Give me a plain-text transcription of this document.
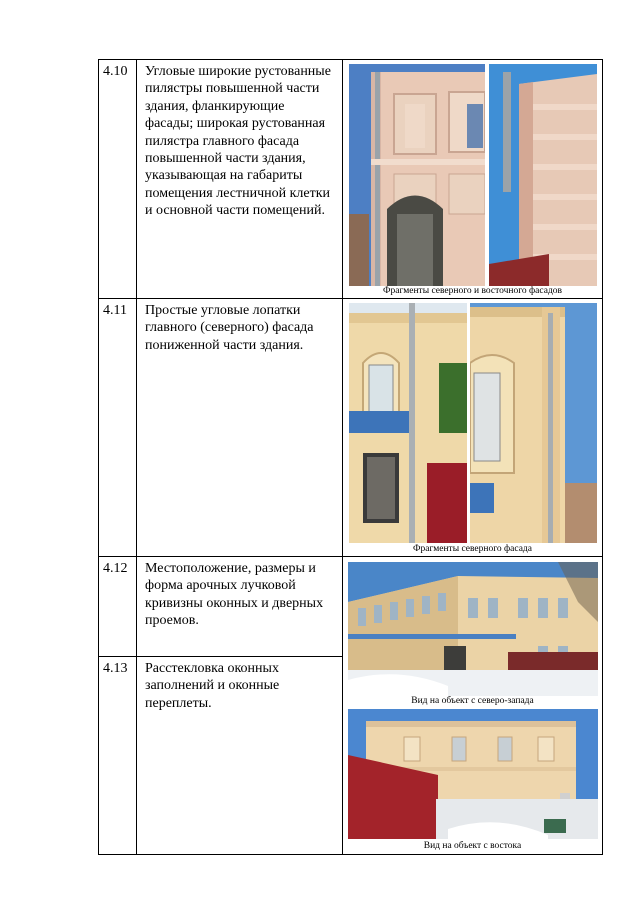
4.10 Угловые широкие рустованные пилястры повышенной части здания, фланкирующие фасады; широкая рустованная пилястра главного фасада повышенной части здания, указывающая на габариты помещения лестничной клетки и основной части помещений.
4.11 Простые угловые лопатки главного (северного) фасада пониженной части здания.
4.12 Местоположение, размеры и форма арочных лучковой кривизны оконных и дверных проемов.
4.13 Расстекловка оконных заполнений и оконные переплеты.
Фрагменты северного и восточного фасадов
Фрагменты северного фасада
Вид на объект с северо-запада
Вид на объект с востока
